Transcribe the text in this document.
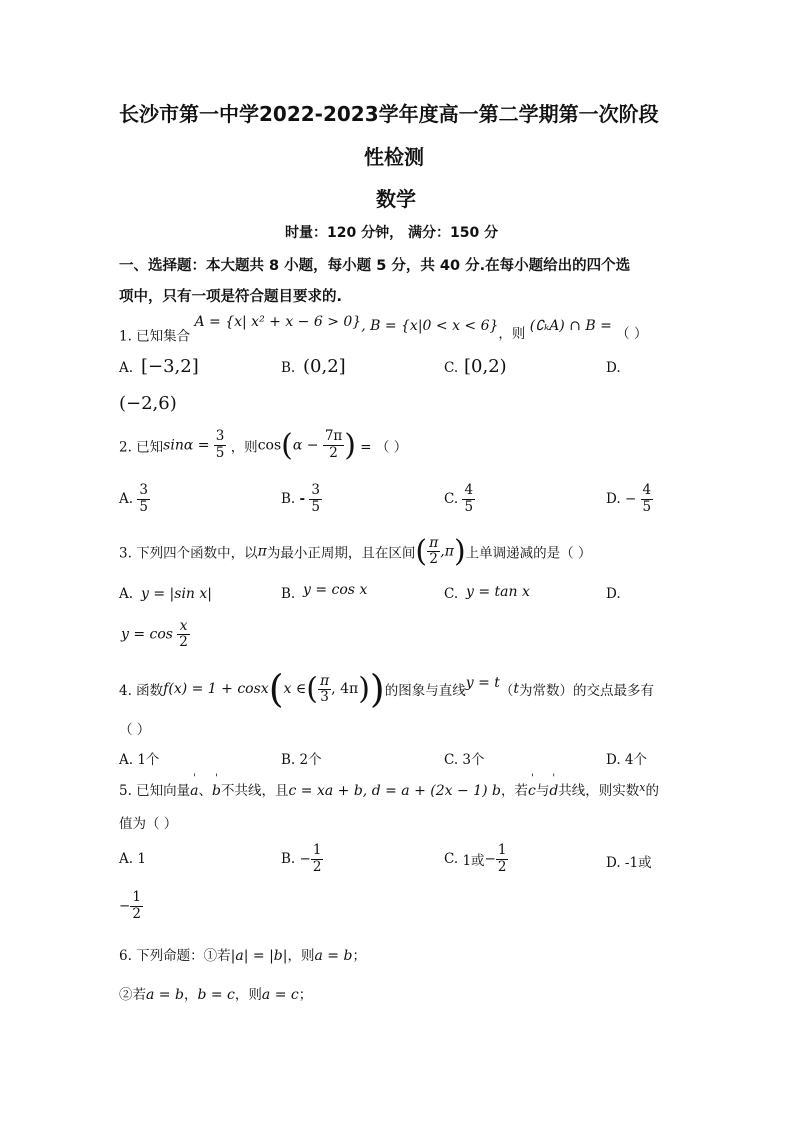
长沙市第一中学2022-2023学年度高一第二学期第一次阶段
性检测
数学
时量：120 分钟， 满分：150 分
一、选择题：本大题共 8 小题，每小题 5 分，共 40 分.在每小题给出的四个选
项中，只有一项是符合题目要求的.
1. 已知集合 A = {x| x² + x − 6 > 0}, B = {x|0 < x < 6}，则 (∁ₖA) ∩ B = （ ）
A. [−3,2]	B. (0,2]	C. [0,2)	D.
(−2,6)
2. 已知$\sin\alpha = \frac{3}{5}$ ，则$\cos(\alpha - \frac{7\pi}{2}$ ) = （ ）
A. $\frac{3}{5}$	B. - $\frac{3}{5}$	C. $\frac{4}{5}$	D. − $\frac{4}{5}$
3. 下列四个函数中，以π为最小正周期，且在区间( $\frac{\pi}{2} ,\pi$)上单调递减的是（ ）
A. y = |sin x|	B. y = cos x	C. y = tan x	D.
$y = \cos \frac{x}{2}$
4. 函数f(x) = 1 + cosx(x ∈( $\frac{\pi}{3}$ , 4π))的图象与直线y = t（t为常数）的交点最多有
（ ）
A. 1个	B. 2个	C. 3个	D. 4个
5. 已知向量' a、' b不共线，且c = xa + b, d = a + (2x − 1) b，若' c与' d共线，则实数$^x$的
值为（ ）
A. 1	B. − $\frac{1}{2}$	C. 1或− $\frac{1}{2}$	D. -1或
− $\frac{1}{2}$
6. 下列命题：①若|a| = |b|，则a = b；
②若a = b，b = c，则a = c；
